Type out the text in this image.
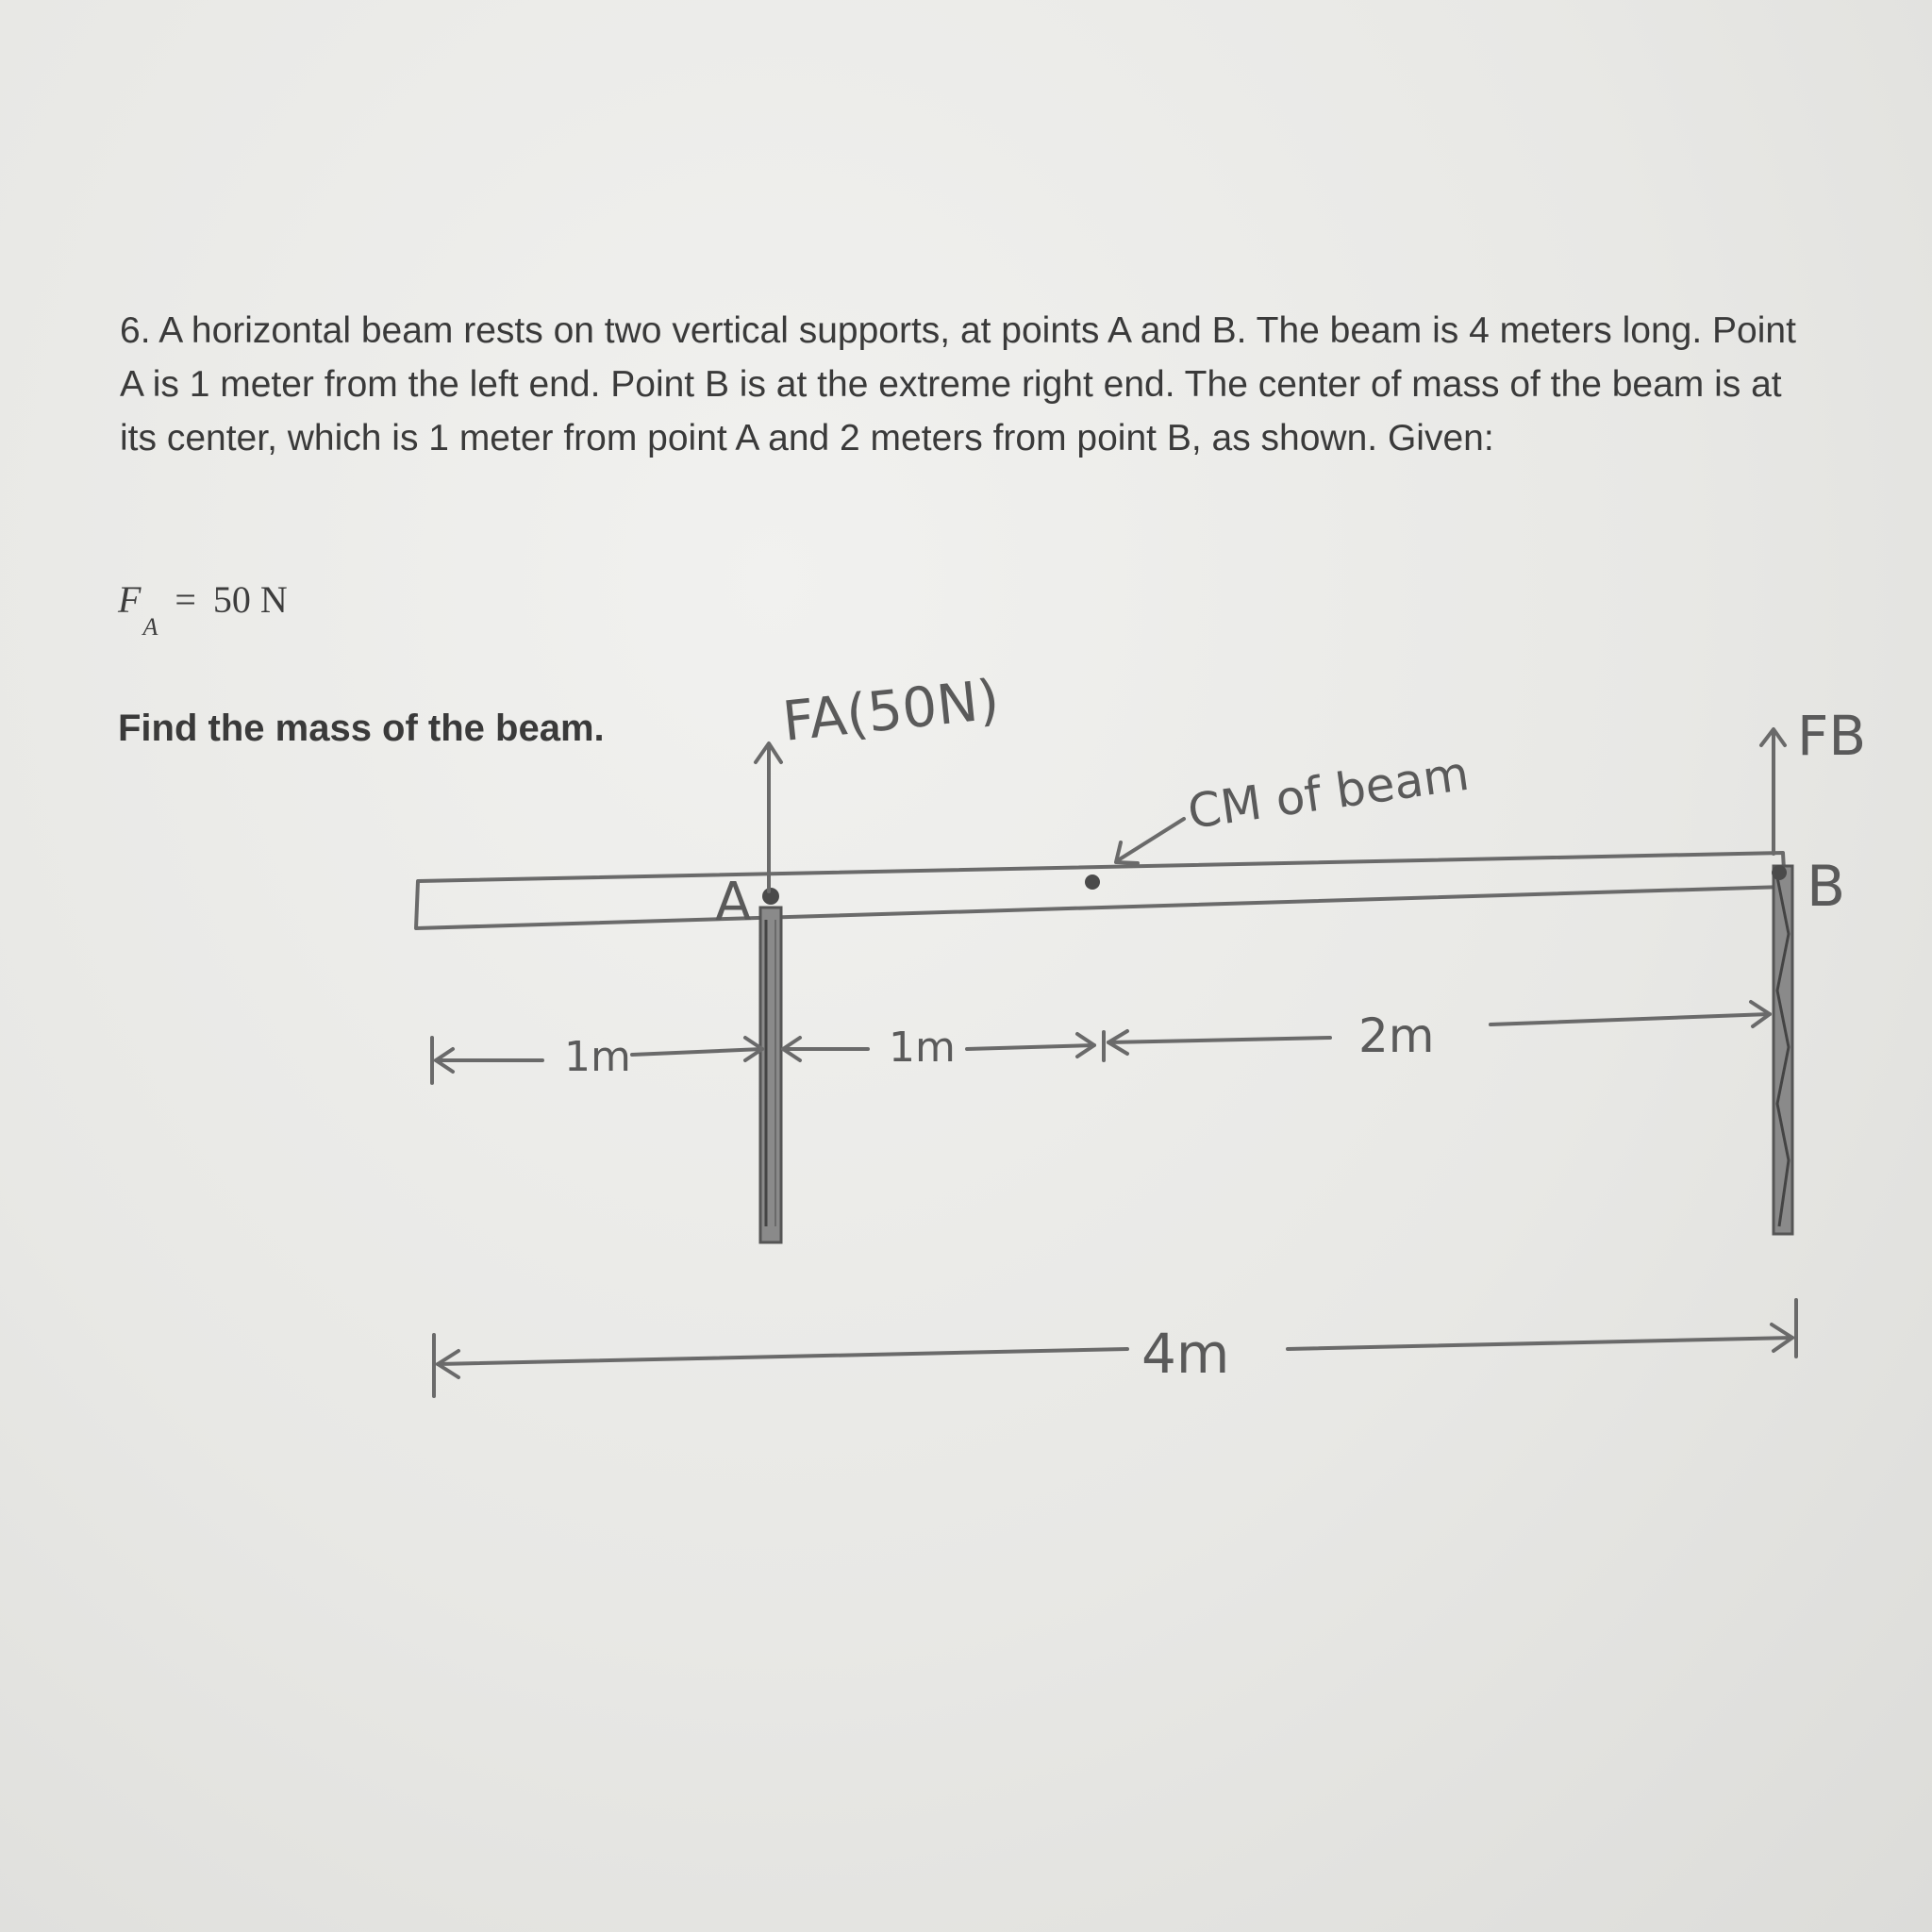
6. A horizontal beam rests on two vertical supports, at points A and B. The beam is 4 meters long. Point A is 1 meter from the left end. Point B is at the extreme right end. The center of mass of the beam is at its center, which is 1 meter from point A and 2 meters from point B, as shown. Given:

$F_A = 50$ N
Find the mass of the beam.	FA(50N)	FB
CM of beam
A	B
1m	1m	2m
4m
